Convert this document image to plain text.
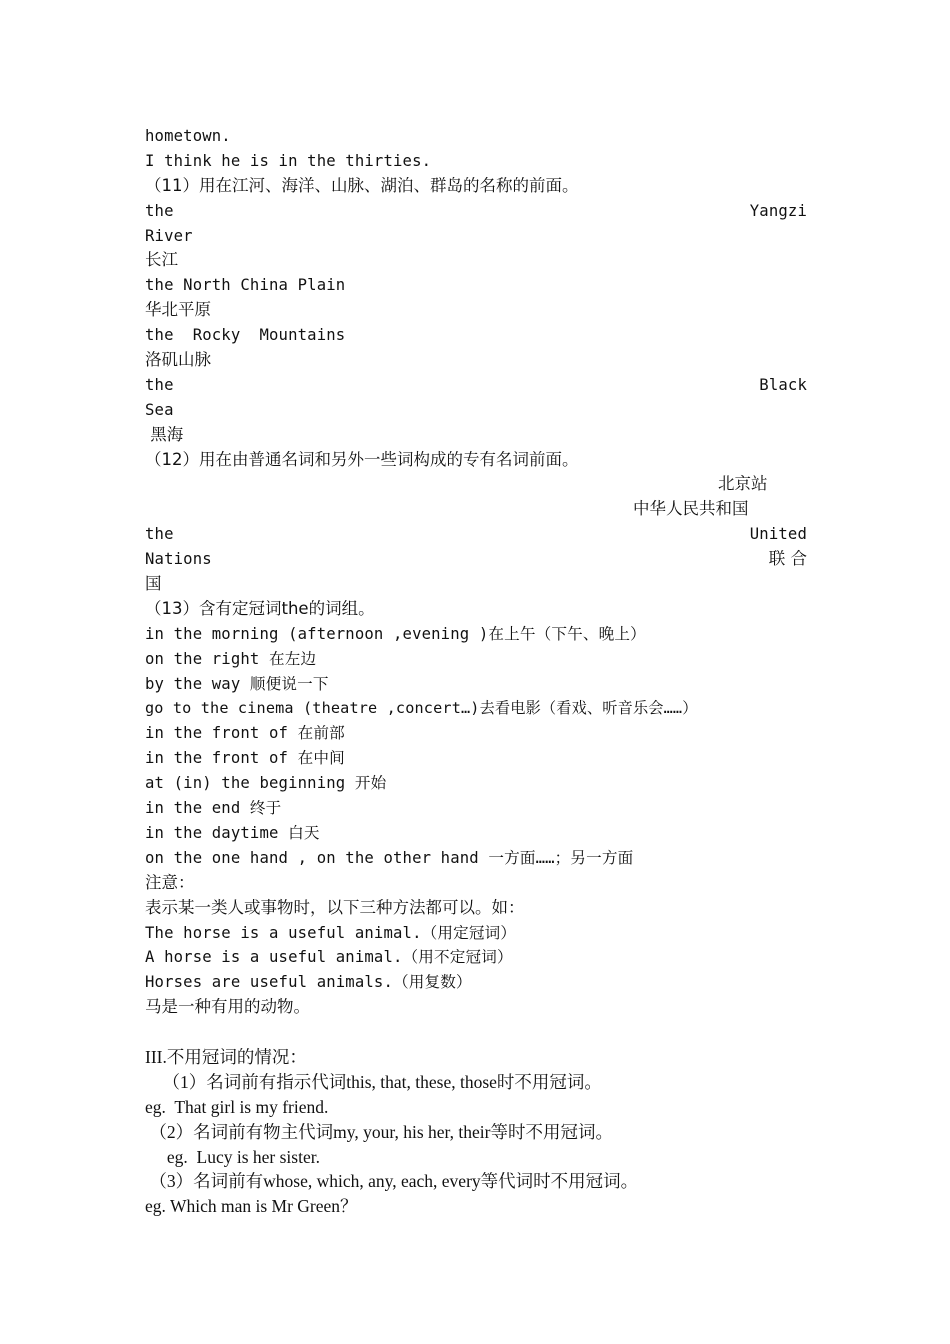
hometown.
I think he is in the thirties.
（11）用在江河、海洋、山脉、湖泊、群岛的名称的前面。
the	Yangzi
River
长江
the North China Plain
华北平原
the  Rocky  Mountains
洛矶山脉
the	Black
Sea
黑海
（12）用在由普通名词和另外一些词构成的专有名词前面。

北京站

中华人民共和国

the	United
Nations	联 合
国
（13）含有定冠词the的词组。
in the morning (afternoon ,evening )在上午（下午、晚上）
on the right 在左边
by the way 顺便说一下
go to the cinema (theatre ,concert…)去看电影（看戏、听音乐会……）
in the front of 在前部
in the front of 在中间
at (in) the beginning 开始
in the end 终于
in the daytime 白天
on the one hand , on the other hand 一方面……；另一方面
注意：
表示某一类人或事物时，以下三种方法都可以。如：
The horse is a useful animal.（用定冠词）
A horse is a useful animal.（用不定冠词）
Horses are useful animals.（用复数）
马是一种有用的动物。
III.不用冠词的情况：
（1）名词前有指示代词this, that, these, those时不用冠词。
eg.  That girl is my friend.
（2）名词前有物主代词my, your, his her, their等时不用冠词。
eg.  Lucy is her sister.
（3）名词前有whose, which, any, each, every等代词时不用冠词。
eg. Which man is Mr Green？
